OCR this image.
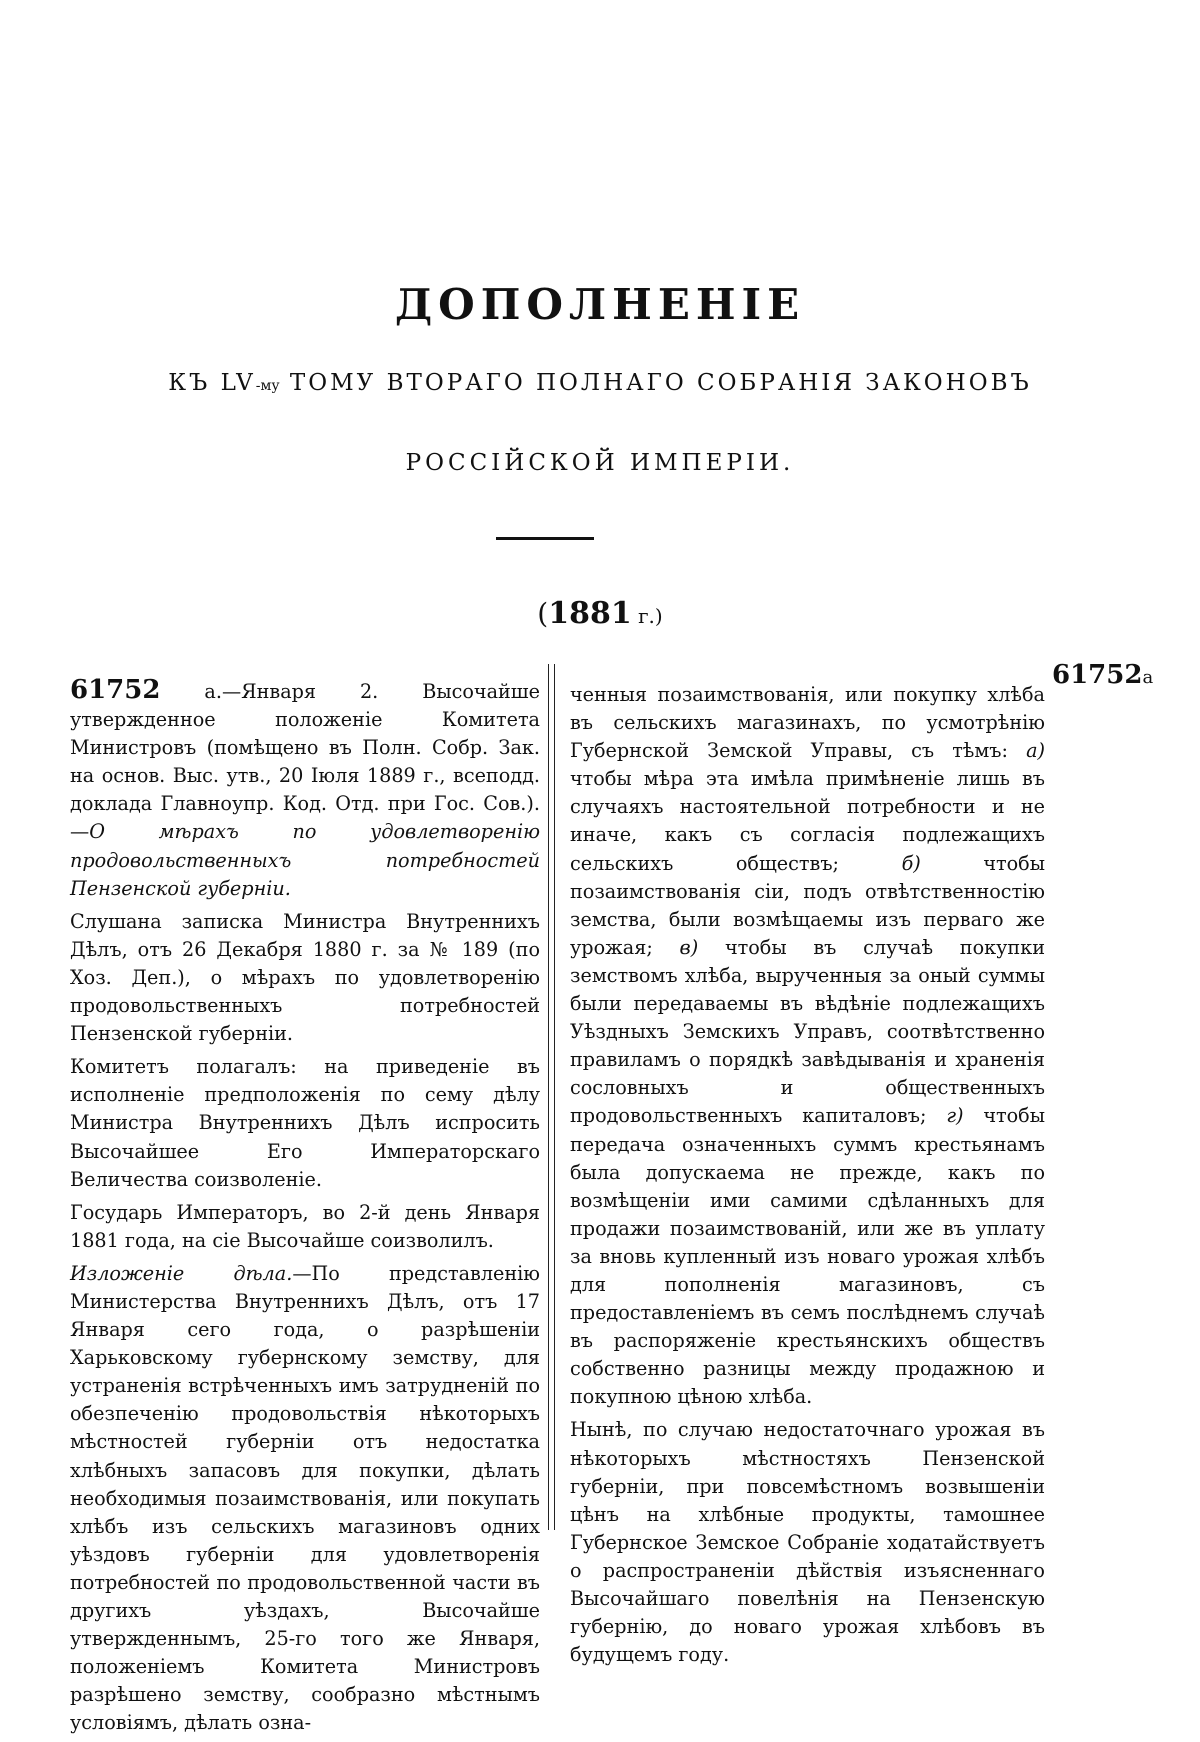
ДОПОЛНЕНІЕ
КЪ LV-му ТОМУ ВТОРАГО ПОЛНАГО СОБРАНІЯ ЗАКОНОВЪ
РОССІЙСКОЙ ИМПЕРІИ.
(1881 г.)
61752а

61752 а.—Января 2. Высочайше утвержденное положеніе Комитета Министровъ (помѣщено въ Полн. Собр. Зак. на основ. Выс. утв., 20 Іюля 1889 г., всеподд. доклада Главноупр. Код. Отд. при Гос. Сов.).—О мѣрахъ по удовлетворенію продовольственныхъ потребностей Пензенской губерніи.

Слушана записка Министра Внутреннихъ Дѣлъ, отъ 26 Декабря 1880 г. за № 189 (по Хоз. Деп.), о мѣрахъ по удовлетворенію продовольственныхъ потребностей Пензенской губерніи.

Комитетъ полагалъ: на приведеніе въ исполненіе предположенія по сему дѣлу Министра Внутреннихъ Дѣлъ испросить Высочайшее Его Императорскаго Величества соизволеніе.

Государь Императоръ, во 2-й день Января 1881 года, на сіе Высочайше соизволилъ.

Изложеніе дѣла.—По представленію Министерства Внутреннихъ Дѣлъ, отъ 17 Января сего года, о разрѣшеніи Харьковскому губернскому земству, для устраненія встрѣченныхъ имъ затрудненій по обезпеченію продовольствія нѣкоторыхъ мѣстностей губерніи отъ недостатка хлѣбныхъ запасовъ для покупки, дѣлать необходимыя позаимствованія, или покупать хлѣбъ изъ сельскихъ магазиновъ одних уѣздовъ губерніи для удовлетворенія потребностей по продовольственной части въ другихъ уѣздахъ, Высочайше утвержденнымъ, 25-го того же Января, положеніемъ Комитета Министровъ разрѣшено земству, сообразно мѣстнымъ условіямъ, дѣлать озна-

ченныя позаимствованія, или покупку хлѣба въ сельскихъ магазинахъ, по усмотрѣнію Губернской Земской Управы, съ тѣмъ: а) чтобы мѣра эта имѣла примѣненіе лишь въ случаяхъ настоятельной потребности и не иначе, какъ съ согласія подлежащихъ сельскихъ обществъ; б) чтобы позаимствованія сіи, подъ отвѣтственностію земства, были возмѣщаемы изъ перваго же урожая; в) чтобы въ случаѣ покупки земствомъ хлѣба, вырученныя за оный суммы были передаваемы въ вѣдѣніе подлежащихъ Уѣздныхъ Земскихъ Управъ, соотвѣтственно правиламъ о порядкѣ завѣдыванія и храненія сословныхъ и общественныхъ продовольственныхъ капиталовъ; г) чтобы передача означенныхъ суммъ крестьянамъ была допускаема не прежде, какъ по возмѣщеніи ими самими сдѣланныхъ для продажи позаимствованій, или же въ уплату за вновь купленный изъ новаго урожая хлѣбъ для пополненія магазиновъ, съ предоставленіемъ въ семъ послѣднемъ случаѣ въ распоряженіе крестьянскихъ обществъ собственно разницы между продажною и покупною цѣною хлѣба.

Нынѣ, по случаю недостаточнаго урожая въ нѣкоторыхъ мѣстностяхъ Пензенской губерніи, при повсемѣстномъ возвышеніи цѣнъ на хлѣбные продукты, тамошнее Губернское Земское Собраніе ходатайствуетъ о распространеніи дѣйствія изъясненнаго Высочайшаго повелѣнія на Пензенскую губернію, до новаго урожая хлѣбовъ въ будущемъ году.
